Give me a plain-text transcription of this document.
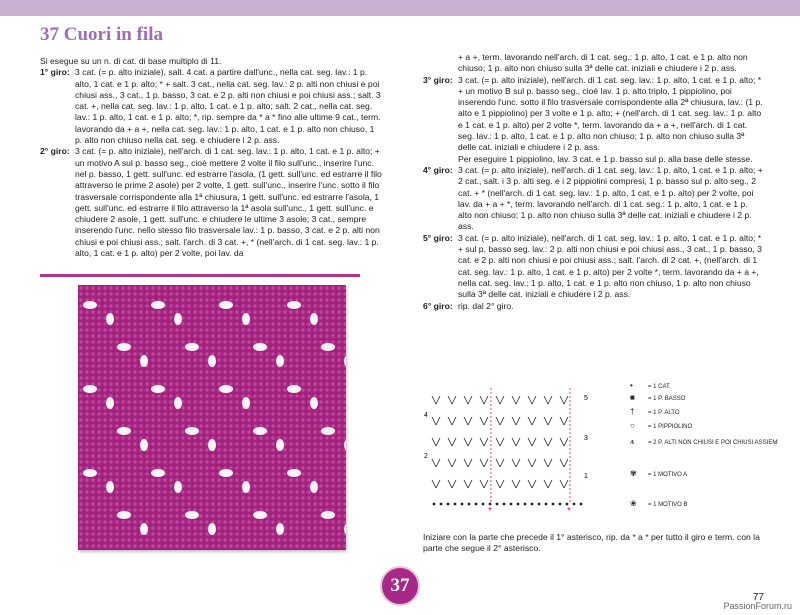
37 Cuori in fila

Si esegue su un n. di cat. di base multiplo di 11.

1° giro: 3 cat. (= p. alto iniziale), salt. 4 cat. a partire dall'unc., nella cat. seg. lav.: 1 p. alto, 1 cat. e 1 p. alto; * + salt. 3 cat., nella cat. seg. lav.: 2 p. alti non chiusi e poi chiusi ass., 3 cat., 1 p. basso, 3 cat. e 2 p. alti non chiusi e poi chiusi ass.; salt. 3 cat. +, nella cat. seg. lav.: 1 p. alto, 1 cat. e 1 p. alto; salt. 2 cat., nella cat. seg. lav.: 1 p. alto, 1 cat. e 1 p. alto; *, rip. sempre da * a * fino alle ultime 9 cat., term. lavorando da + a +, nella cat. seg. lav.: 1 p. alto, 1 cat. e 1 p. alto non chiuso, 1 p. alto non chiuso nella cat. seg. e chiudere i 2 p. ass.
2° giro: 3 cat. (= p. alto iniziale), nell'arch. di 1 cat. seg. lav.: 1 p. alto, 1 cat. e 1 p. alto; + un motivo A sul p. basso seg., cioè mettere 2 volte il filo sull'unc., inserire l'unc. nel p. basso, 1 gett. sull'unc. ed estrarre l'asola, (1 gett. sull'unc. ed estrarre il filo attraverso le prime 2 asole) per 2 volte, 1 gett. sull'unc., inserire l'unc. sotto il filo trasversale corrispondente alla 1ª chiusura, 1 gett. sull'unc. ed estrarre l'asola, 1 gett. sull'unc. ed estrarre il filo attraverso la 1ª asola sull'unc., 1 gett. sull'unc. e chiudere 2 asole, 1 gett. sull'unc. e chiudere le ultime 3 asole; 3 cat., sempre inserendo l'unc. nello stesso filo trasversale lav.: 1 p. basso, 3 cat. e 2 p. alti non chiusi e poi chiusi ass.; salt. l'arch. di 3 cat. +, * (nell'arch. di 1 cat. seg. lav.: 1 p. alto, 1 cat. e 1 p. alto) per 2 volte, poi lav. da

+ a +, term. lavorando nell'arch. di 1 cat. seg.: 1 p. alto, 1 cat. e 1 p. alto non chiuso; 1 p. alto non chiuso sulla 3ª delle cat. iniziali e chiudere i 2 p. ass.

3° giro: 3 cat. (= p. alto iniziale), nell'arch. di 1 cat. seg. lav.: 1 p. alto, 1 cat. e 1 p. alto; * + un motivo B sul p. basso seg., cioè lav. 1 p. alto triplo, 1 pippiolino, poi inserendo l'unc. sotto il filo trasversale corrispondente alla 2ª chiusura, lav.: (1 p. alto e 1 pippiolino) per 3 volte e 1 p. alto; + (nell'arch. di 1 cat. seg. lav.: 1 p. alto e 1 cat. e 1 p. alto) per 2 volte *, term. lavorando da + a +, nell'arch. di 1 cat. seg. lav.: 1 p. alto, 1 cat. e 1 p. alto non chiuso; 1 p. alto non chiuso sulla 3ª delle cat. iniziali e chiudere i 2 p. ass.
Per eseguire 1 pippiolino, lav. 3 cat. e 1 p. basso sul p. alla base delle stesse.
4° giro: 3 cat. (= p. alto iniziale), nell'arch. di 1 cat. seg. lav.: 1 p. alto, 1 cat. e 1 p. alto; + 2 cat., salt. i 3 p. alti seg. e i 2 pippiolini compresi, 1 p. basso sul p. alto seg., 2 cat. + * (nell'arch. di 1 cat. seg. lav.: 1 p. alto, 1 cat. e 1 p. alto) per 2 volte, poi lav. da + a + *, term. lavorando nell'arch. di 1 cat. seg.: 1 p. alto, 1 cat. e 1 p. alto non chiuso; 1 p. alto non chiuso sulla 3ª delle cat. iniziali e chiudere i 2 p. ass.
5° giro: 3 cat. (= p. alto iniziale), nell'arch. di 1 cat. seg. lav.: 1 p. alto, 1 cat. e 1 p. alto; * + sul p. basso seg. lav.: 2 p. alti non chiusi e poi chiusi ass., 3 cat., 1 p. basso, 3 cat. e 2 p. alti non chiusi e poi chiusi ass.; salt. l'arch. di 2 cat. +, (nell'arch. di 1 cat. seg. lav.: 1 p. alto, 1 cat. e 1 p. alto) per 2 volte *, term. lavorando da + a +, nella cat. seg. lav.: 1 p. alto, 1 cat. e 1 p. alto non chiuso, 1 p. alto non chiuso sulla 3ª delle cat. iniziali e chiudere i 2 p. ass.
6° giro: rip. dal 2° giro.
*	*
4
2
5
3
1
•	= 1 CAT.
■ = 1 P. BASSO
† = 1 P. ALTO
○ = 1 PIPPIOLINO
⩚ = 2 P. ALTI NON CHIUSI E POI CHIUSI ASSIEME
✾ = 1 MOTIVO A
❀ = 1 MOTIVO B

Iniziare con la parte che precede il 1° asterisco, rip. da * a * per tutto il giro e term. con la parte che segue il 2° asterisco.

37
77
PassionForum.ru
